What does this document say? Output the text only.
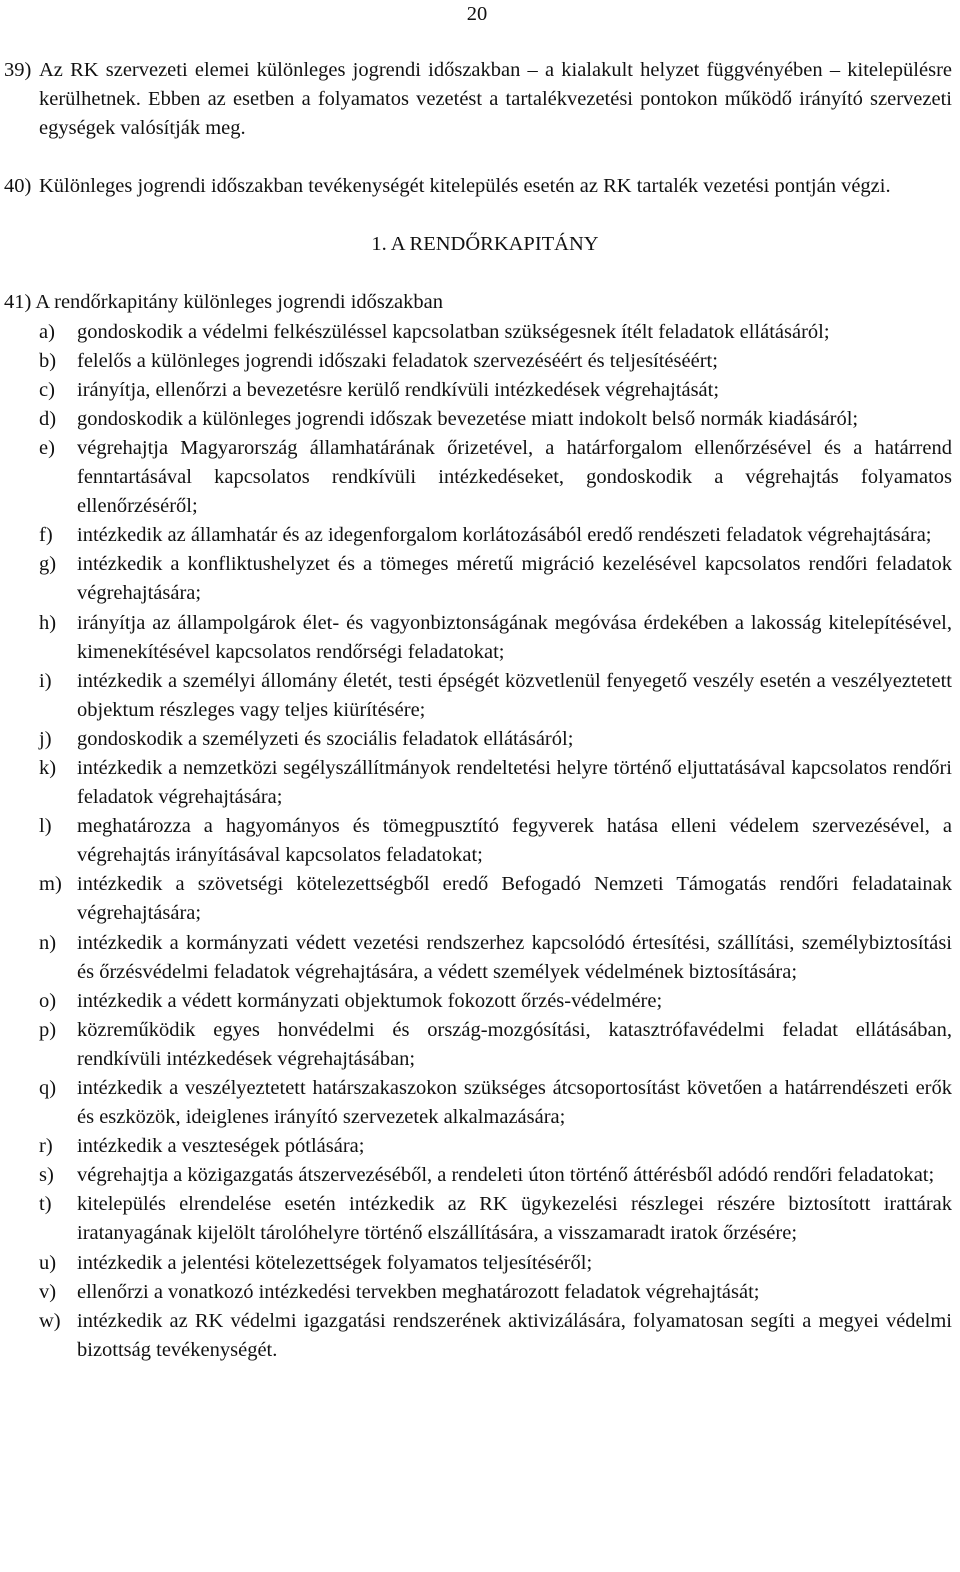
20

39) Az RK szervezeti elemei különleges jogrendi időszakban – a kialakult helyzet függvényében – kitelepülésre kerülhetnek. Ebben az esetben a folyamatos vezetést a tartalékvezetési pontokon működő irányító szervezeti egységek valósítják meg.

40) Különleges jogrendi időszakban tevékenységét kitelepülés esetén az RK tartalék vezetési pontján végzi.

1. A RENDŐRKAPITÁNY

41) A rendőrkapitány különleges jogrendi időszakban

a) gondoskodik a védelmi felkészüléssel kapcsolatban szükségesnek ítélt feladatok ellátásáról;
b) felelős a különleges jogrendi időszaki feladatok szervezéséért és teljesítéséért;
c) irányítja, ellenőrzi a bevezetésre kerülő rendkívüli intézkedések végrehajtását;
d) gondoskodik a különleges jogrendi időszak bevezetése miatt indokolt belső normák kiadásáról;
e) végrehajtja Magyarország államhatárának őrizetével, a határforgalom ellenőrzésével és a határrend fenntartásával kapcsolatos rendkívüli intézkedéseket, gondoskodik a végrehajtás folyamatos ellenőrzéséről;
f) intézkedik az államhatár és az idegenforgalom korlátozásából eredő rendészeti feladatok végrehajtására;
g) intézkedik a konfliktushelyzet és a tömeges méretű migráció kezelésével kapcsolatos rendőri feladatok végrehajtására;
h) irányítja az állampolgárok élet- és vagyonbiztonságának megóvása érdekében a lakosság kitelepítésével, kimenekítésével kapcsolatos rendőrségi feladatokat;
i) intézkedik a személyi állomány életét, testi épségét közvetlenül fenyegető veszély esetén a veszélyeztetett objektum részleges vagy teljes kiürítésére;
j) gondoskodik a személyzeti és szociális feladatok ellátásáról;
k) intézkedik a nemzetközi segélyszállítmányok rendeltetési helyre történő eljuttatásával kapcsolatos rendőri feladatok végrehajtására;
l) meghatározza a hagyományos és tömegpusztító fegyverek hatása elleni védelem szervezésével, a végrehajtás irányításával kapcsolatos feladatokat;
m) intézkedik a szövetségi kötelezettségből eredő Befogadó Nemzeti Támogatás rendőri feladatainak végrehajtására;
n) intézkedik a kormányzati védett vezetési rendszerhez kapcsolódó értesítési, szállítási, személybiztosítási és őrzésvédelmi feladatok végrehajtására, a védett személyek védelmének biztosítására;
o) intézkedik a védett kormányzati objektumok fokozott őrzés-védelmére;
p) közreműködik egyes honvédelmi és ország-mozgósítási, katasztrófavédelmi feladat ellátásában, rendkívüli intézkedések végrehajtásában;
q) intézkedik a veszélyeztetett határszakaszokon szükséges átcsoportosítást követően a határrendészeti erők és eszközök, ideiglenes irányító szervezetek alkalmazására;
r) intézkedik a veszteségek pótlására;
s) végrehajtja a közigazgatás átszervezéséből, a rendeleti úton történő áttérésből adódó rendőri feladatokat;
t) kitelepülés elrendelése esetén intézkedik az RK ügykezelési részlegei részére biztosított irattárak iratanyagának kijelölt tárolóhelyre történő elszállítására, a visszamaradt iratok őrzésére;
u) intézkedik a jelentési kötelezettségek folyamatos teljesítéséről;
v) ellenőrzi a vonatkozó intézkedési tervekben meghatározott feladatok végrehajtását;
w) intézkedik az RK védelmi igazgatási rendszerének aktivizálására, folyamatosan segíti a megyei védelmi bizottság tevékenységét.
